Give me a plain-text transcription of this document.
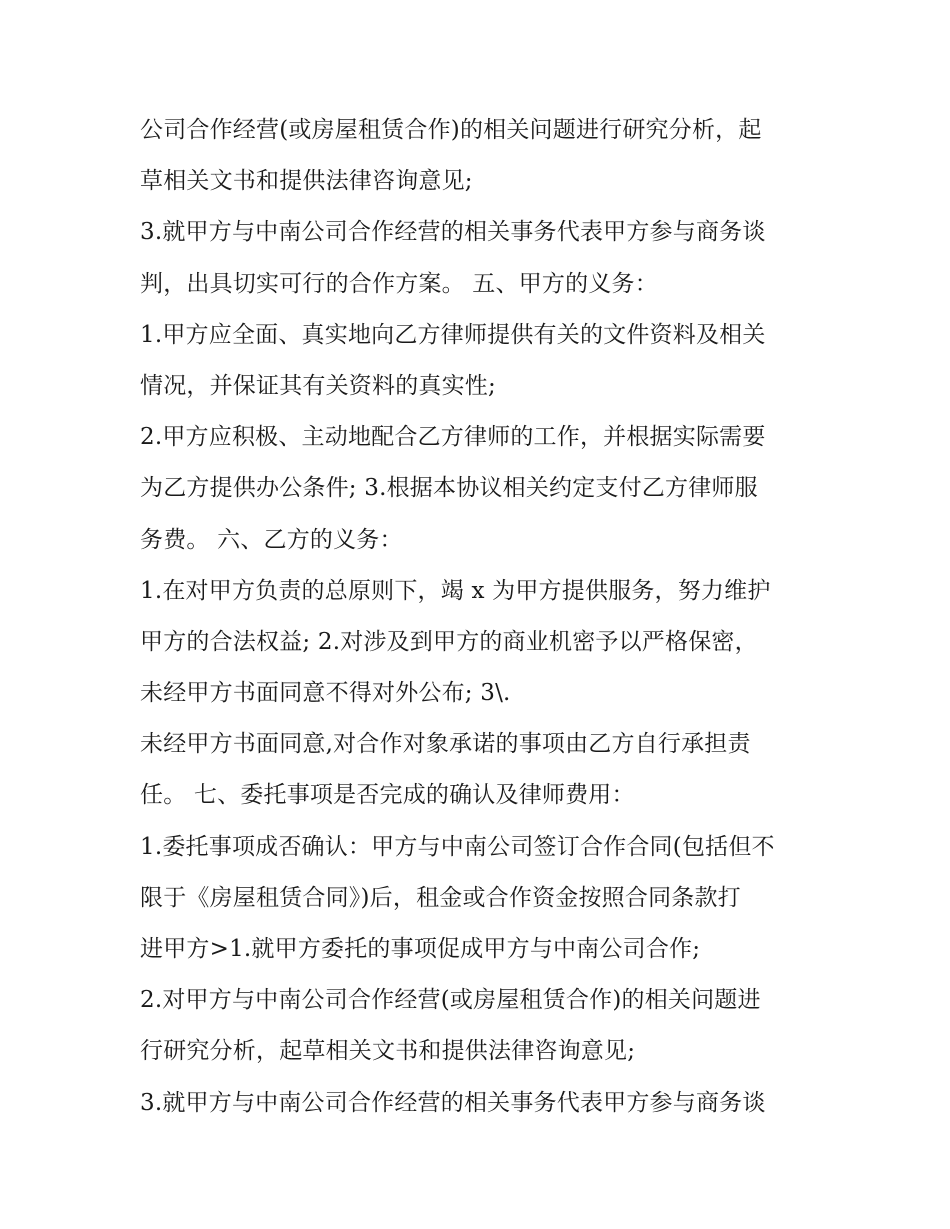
公司合作经营(或房屋租赁合作)的相关问题进行研究分析，起
草相关文书和提供法律咨询意见;
3.就甲方与中南公司合作经营的相关事务代表甲方参与商务谈
判，出具切实可行的合作方案。 五、甲方的义务：
1.甲方应全面、真实地向乙方律师提供有关的文件资料及相关
情况，并保证其有关资料的真实性;
2.甲方应积极、主动地配合乙方律师的工作，并根据实际需要
为乙方提供办公条件; 3.根据本协议相关约定支付乙方律师服
务费。 六、乙方的义务：
1.在对甲方负责的总原则下，竭 x 为甲方提供服务，努力维护
甲方的合法权益; 2.对涉及到甲方的商业机密予以严格保密，
未经甲方书面同意不得对外公布; 3\.
未经甲方书面同意,对合作对象承诺的事项由乙方自行承担责
任。 七、委托事项是否完成的确认及律师费用：
1.委托事项成否确认：甲方与中南公司签订合作合同(包括但不
限于《房屋租赁合同》)后，租金或合作资金按照合同条款打
进甲方>1.就甲方委托的事项促成甲方与中南公司合作;
2.对甲方与中南公司合作经营(或房屋租赁合作)的相关问题进
行研究分析，起草相关文书和提供法律咨询意见;
3.就甲方与中南公司合作经营的相关事务代表甲方参与商务谈
